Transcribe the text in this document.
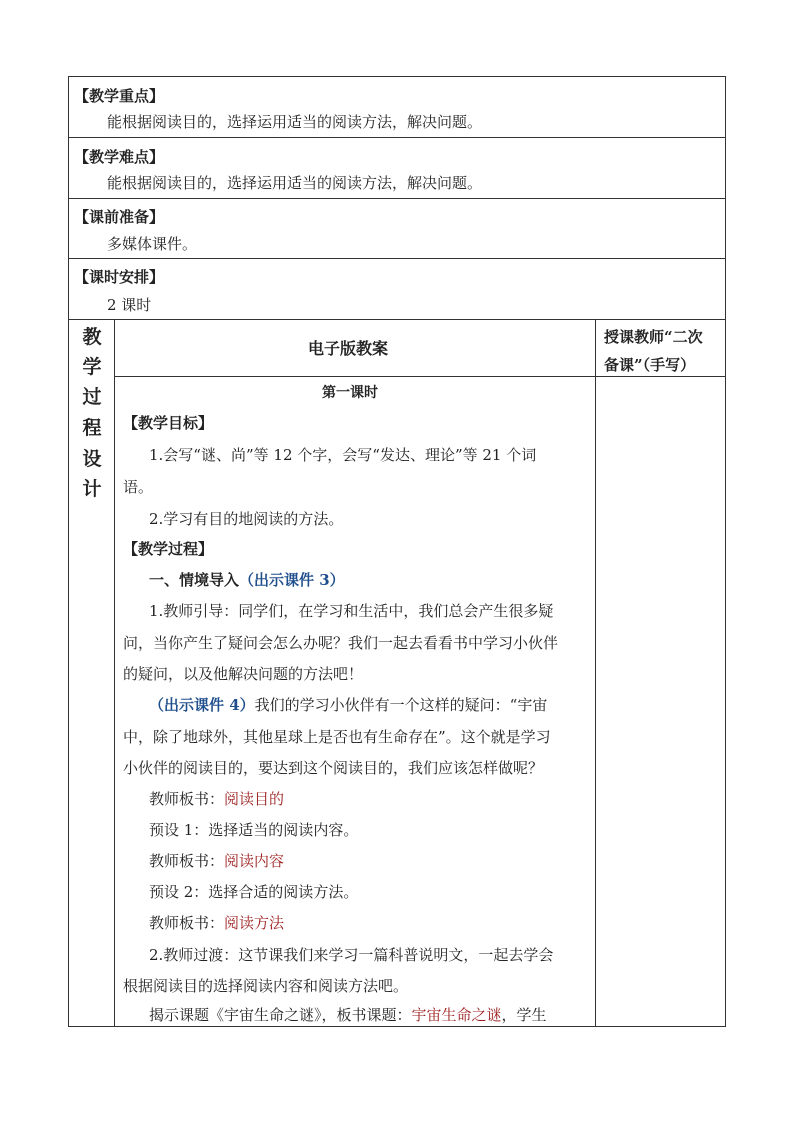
【教学重点】
能根据阅读目的，选择运用适当的阅读方法，解决问题。
【教学难点】
能根据阅读目的，选择运用适当的阅读方法，解决问题。
【课前准备】
多媒体课件。
【课时安排】
2 课时
教
学
过
程
设
计
电子版教案
授课教师“二次
备课”（手写）
第一课时
【教学目标】
1.会写“谜、尚”等 12 个字，会写“发达、理论”等 21 个词
语。
2.学习有目的地阅读的方法。
【教学过程】
一、情境导入（出示课件 3）
1.教师引导：同学们，在学习和生活中，我们总会产生很多疑
问，当你产生了疑问会怎么办呢？我们一起去看看书中学习小伙伴
的疑问，以及他解决问题的方法吧！
（出示课件 4）我们的学习小伙伴有一个这样的疑问：“宇宙
中，除了地球外，其他星球上是否也有生命存在”。这个就是学习
小伙伴的阅读目的，要达到这个阅读目的，我们应该怎样做呢？
教师板书：阅读目的
预设 1：选择适当的阅读内容。
教师板书：阅读内容
预设 2：选择合适的阅读方法。
教师板书：阅读方法
2.教师过渡：这节课我们来学习一篇科普说明文，一起去学会
根据阅读目的选择阅读内容和阅读方法吧。
揭示课题《宇宙生命之谜》，板书课题：宇宙生命之谜，学生
